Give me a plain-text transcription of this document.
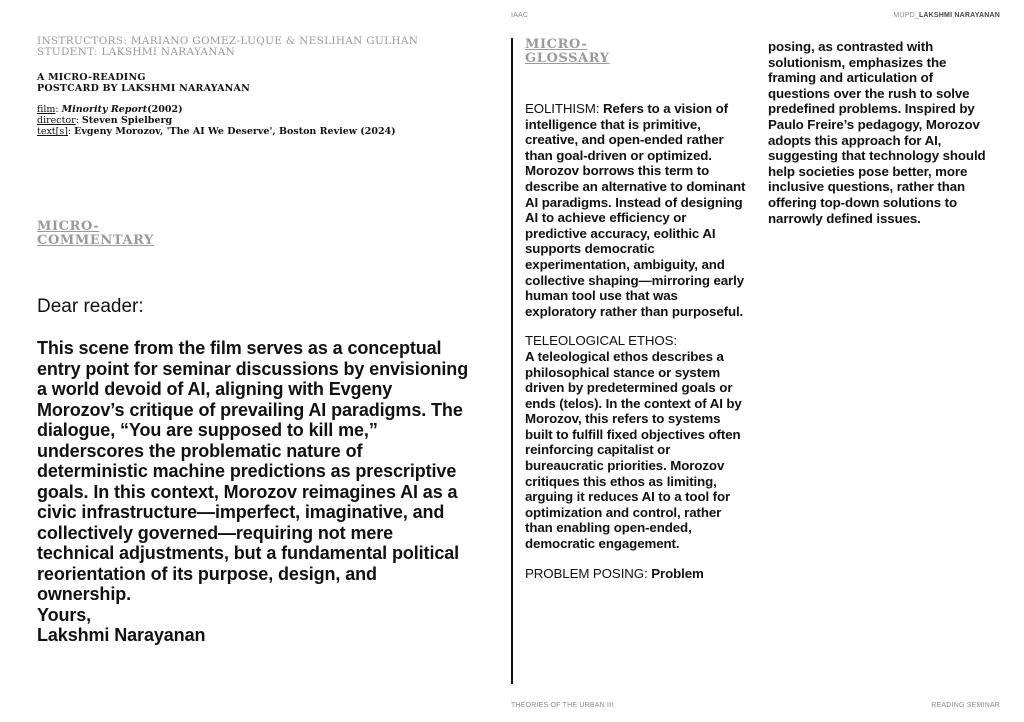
IAAC	MUPD_LAKSHMI NARAYANAN
THEORIES OF THE URBAN III	READING SEMINAR
INSTRUCTORS: MARIANO GOMEZ-LUQUE & NESLIHAN GULHAN
STUDENT: LAKSHMI NARAYANAN
A MICRO-READING
POSTCARD BY LAKSHMI NARAYANAN
film: Minority Report(2002)
director: Steven Spielberg
text[s]: Evgeny Morozov, 'The AI We Deserve', Boston Review (2024)
MICRO-
COMMENTARY
Dear reader:
This scene from the film serves as a conceptual entry point for seminar discussions by envisioning a world devoid of AI, aligning with Evgeny Morozov’s critique of prevailing AI paradigms. The dialogue, “You are supposed to kill me,” underscores the problematic nature of deterministic machine predictions as prescriptive goals. In this context, Morozov reimagines AI as a civic infrastructure—imperfect, imaginative, and collectively governed—requiring not mere technical adjustments, but a fundamental political reorientation of its purpose, design, and ownership.
Yours,
Lakshmi Narayanan
MICRO-
GLOSSARY

EOLITHISM: Refers to a vision of intelligence that is primitive, creative, and open-ended rather than goal-driven or optimized. Morozov borrows this term to describe an alternative to dominant AI paradigms. Instead of designing AI to achieve efficiency or predictive accuracy, eolithic AI supports democratic experimentation, ambiguity, and collective shaping—mirroring early human tool use that was exploratory rather than purposeful.

TELEOLOGICAL ETHOS:
A teleological ethos describes a philosophical stance or system driven by predetermined goals or ends (telos). In the context of AI by Morozov, this refers to systems built to fulfill fixed objectives often reinforcing capitalist or bureaucratic priorities. Morozov critiques this ethos as limiting, arguing it reduces AI to a tool for optimization and control, rather than enabling open-ended, democratic engagement.

PROBLEM POSING: Problem

posing, as contrasted with solutionism, emphasizes the framing and articulation of questions over the rush to solve predefined problems. Inspired by Paulo Freire’s pedagogy, Morozov adopts this approach for AI, suggesting that technology should help societies pose better, more inclusive questions, rather than offering top-down solutions to narrowly defined issues.
